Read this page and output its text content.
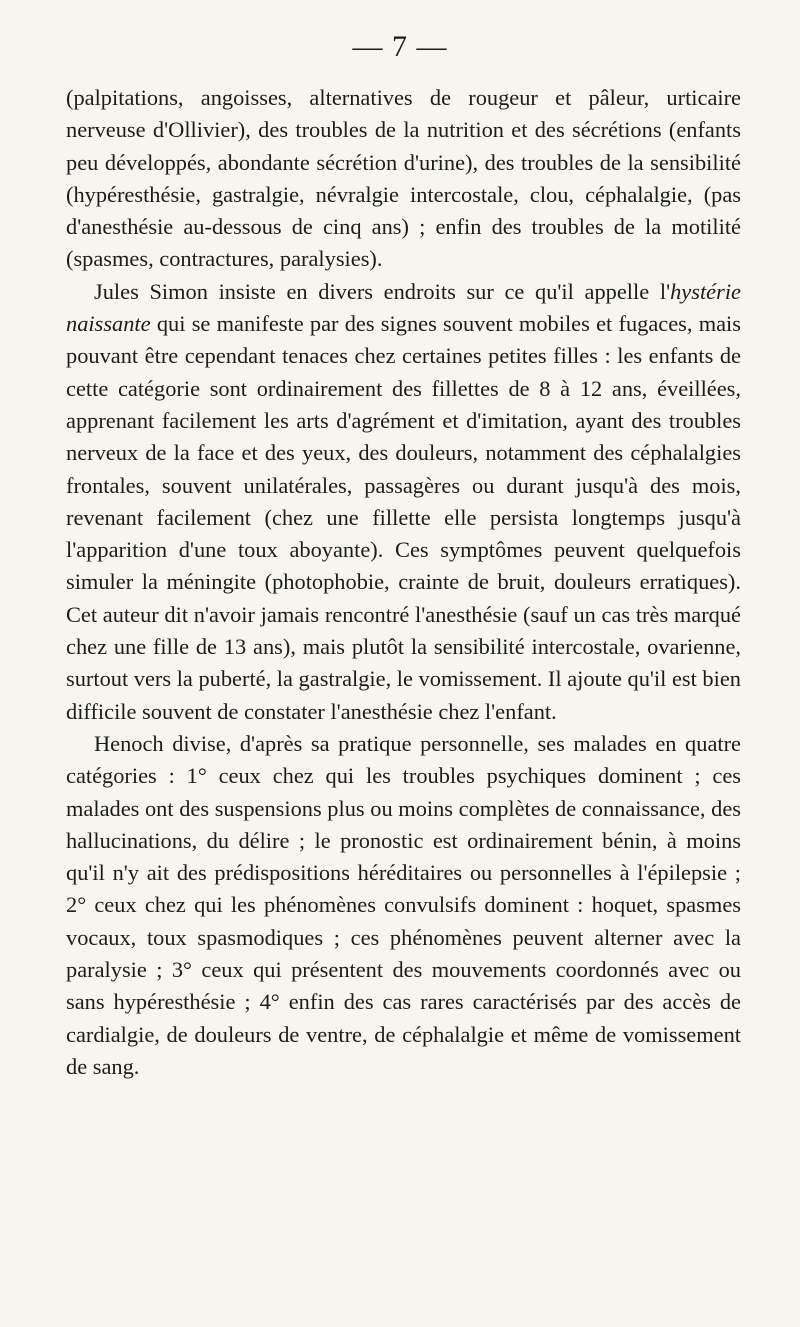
— 7 —

(palpitations, angoisses, alternatives de rougeur et pâleur, urticaire nerveuse d'Ollivier), des troubles de la nutrition et des sécrétions (enfants peu développés, abondante sécrétion d'urine), des troubles de la sensibilité (hypéresthésie, gastralgie, névralgie intercostale, clou, céphalalgie, (pas d'anesthésie au-dessous de cinq ans) ; enfin des troubles de la motilité (spasmes, contractures, paralysies).

Jules Simon insiste en divers endroits sur ce qu'il appelle l'hystérie naissante qui se manifeste par des signes souvent mobiles et fugaces, mais pouvant être cependant tenaces chez certaines petites filles : les enfants de cette catégorie sont ordinairement des fillettes de 8 à 12 ans, éveillées, apprenant facilement les arts d'agrément et d'imitation, ayant des troubles nerveux de la face et des yeux, des douleurs, notamment des céphalalgies frontales, souvent unilatérales, passagères ou durant jusqu'à des mois, revenant facilement (chez une fillette elle persista longtemps jusqu'à l'apparition d'une toux aboyante). Ces symptômes peuvent quelquefois simuler la méningite (photophobie, crainte de bruit, douleurs erratiques). Cet auteur dit n'avoir jamais rencontré l'anesthésie (sauf un cas très marqué chez une fille de 13 ans), mais plutôt la sensibilité intercostale, ovarienne, surtout vers la puberté, la gastralgie, le vomissement. Il ajoute qu'il est bien difficile souvent de constater l'anesthésie chez l'enfant.

Henoch divise, d'après sa pratique personnelle, ses malades en quatre catégories : 1° ceux chez qui les troubles psychiques dominent ; ces malades ont des suspensions plus ou moins complètes de connaissance, des hallucinations, du délire ; le pronostic est ordinairement bénin, à moins qu'il n'y ait des prédispositions héréditaires ou personnelles à l'épilepsie ; 2° ceux chez qui les phénomènes convulsifs dominent : hoquet, spasmes vocaux, toux spasmodiques ; ces phénomènes peuvent alterner avec la paralysie ; 3° ceux qui présentent des mouvements coordonnés avec ou sans hypéresthésie ; 4° enfin des cas rares caractérisés par des accès de cardialgie, de douleurs de ventre, de céphalalgie et même de vomissement de sang.
